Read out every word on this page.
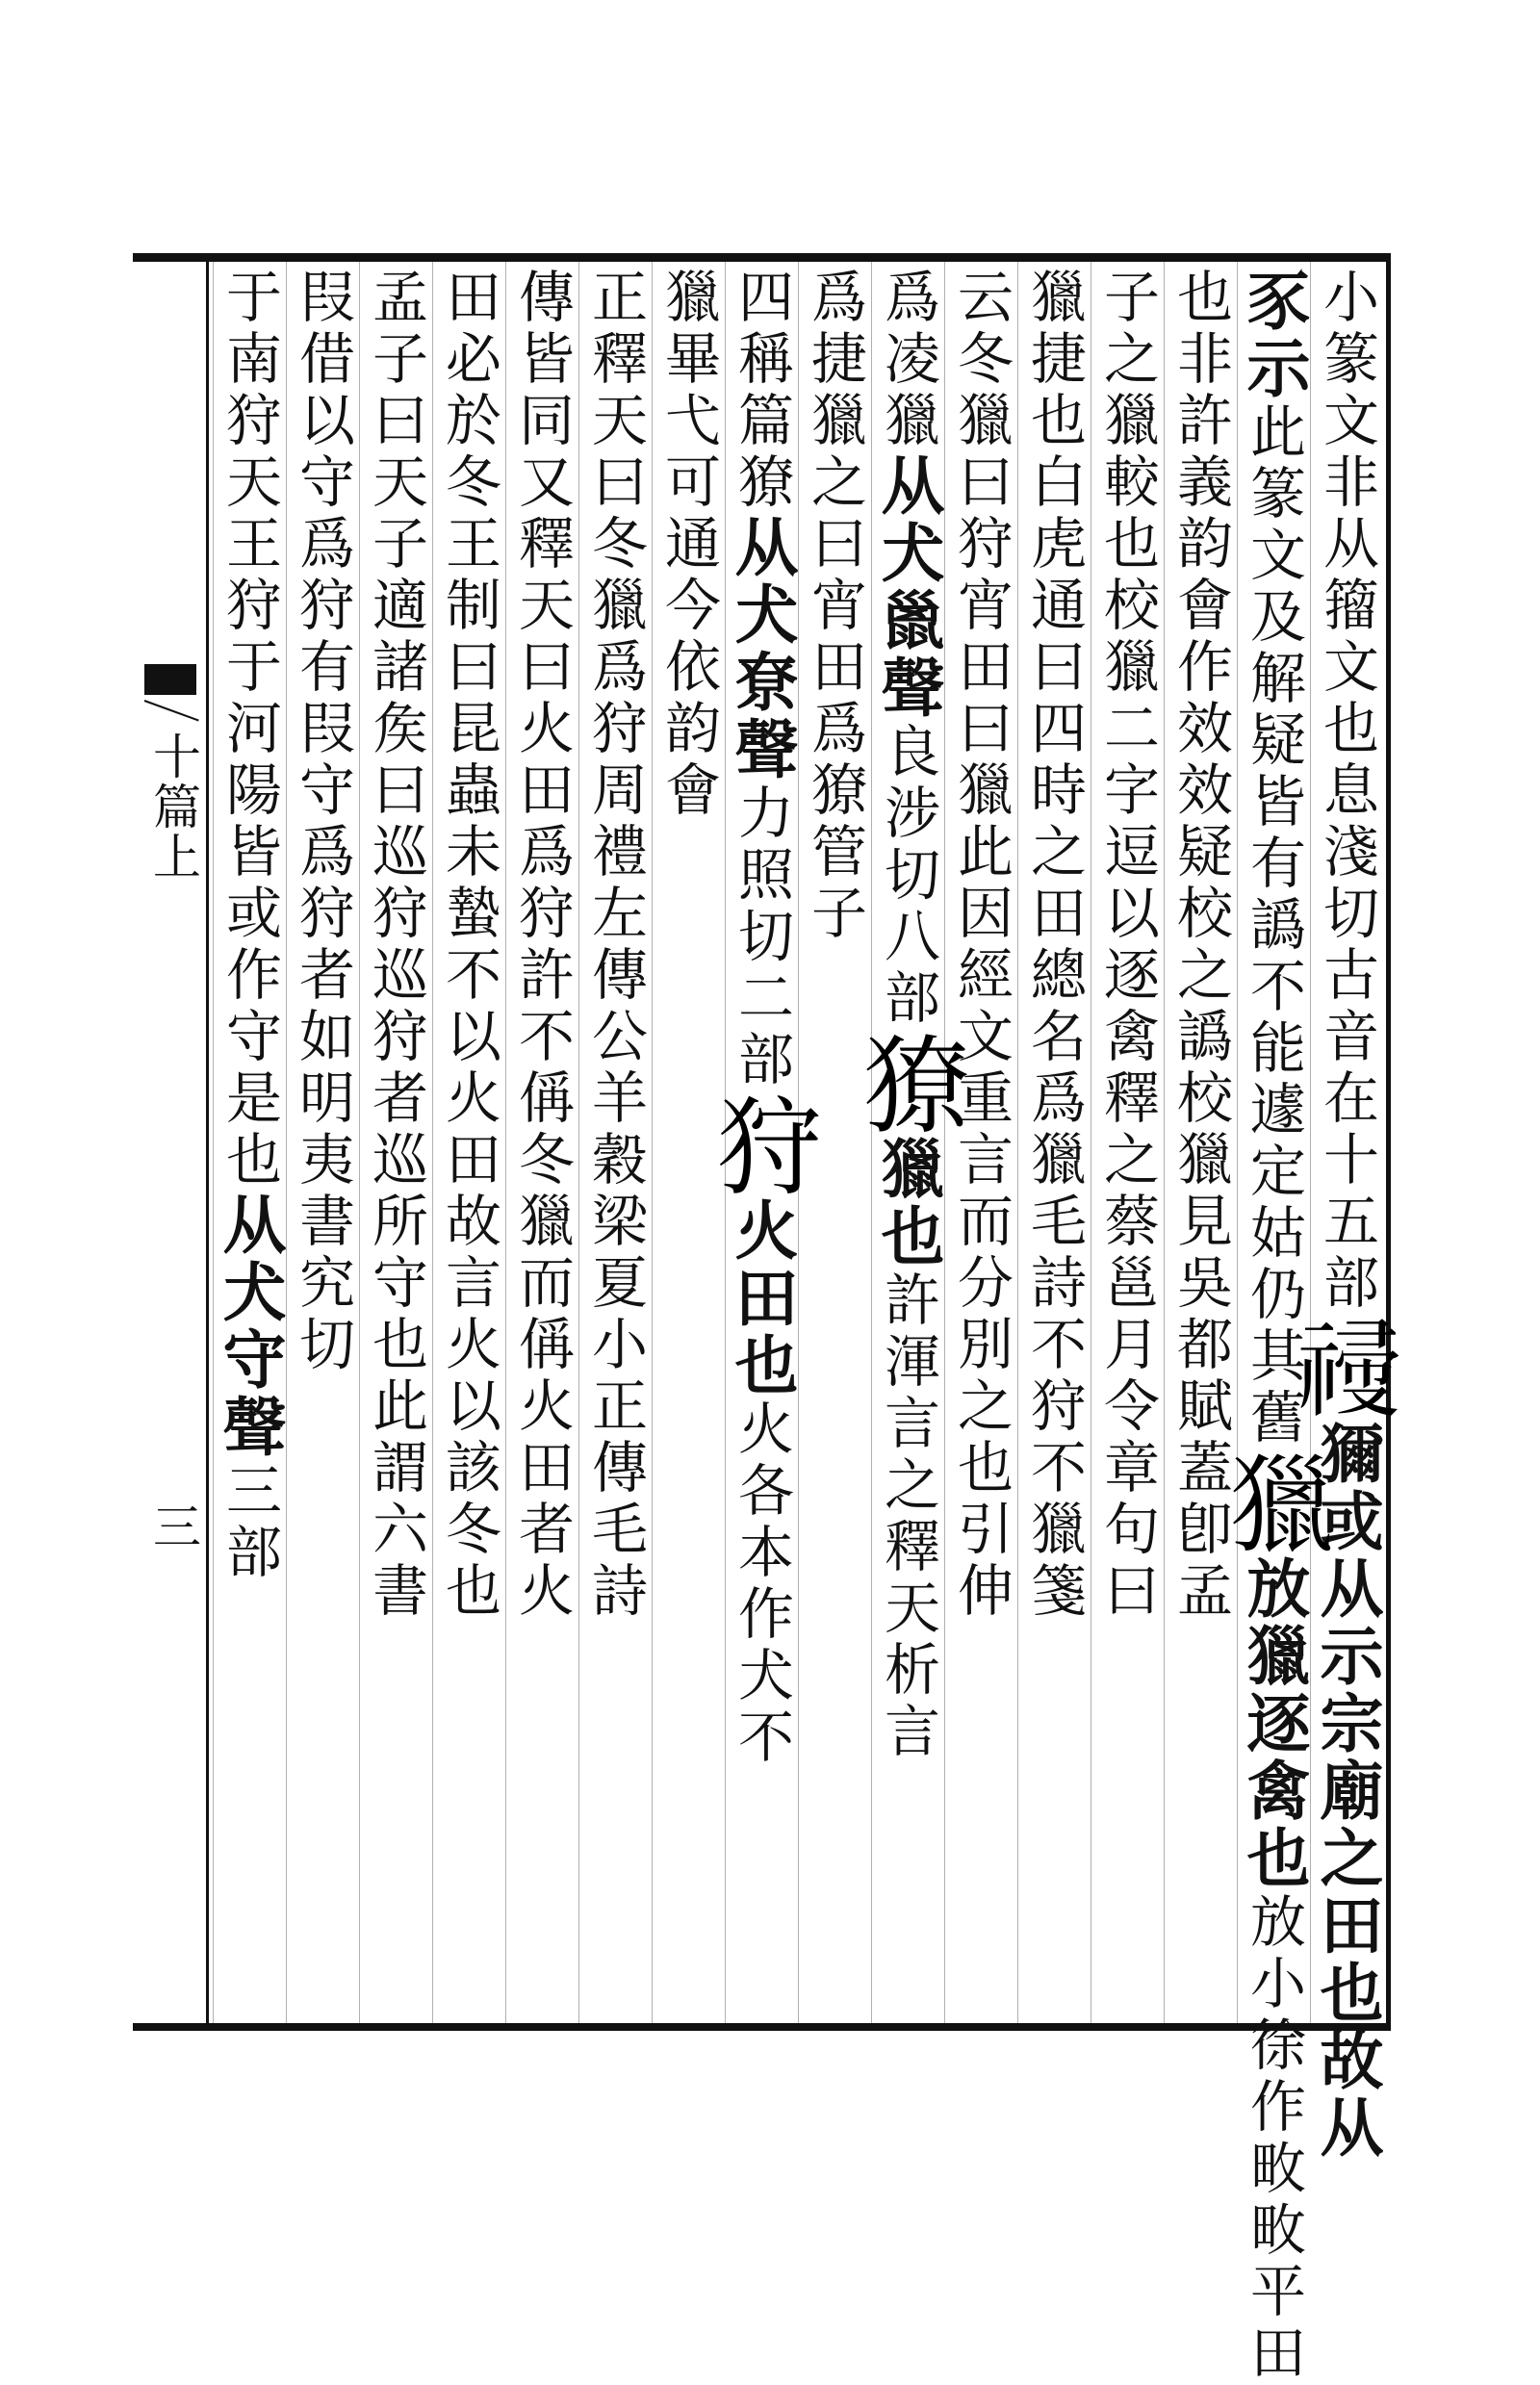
十篇上
三
小篆文非从籀文也息淺切古音在十五部𥛆獮或从示宗廟之田也故从
豕示此篆文及解疑皆有譌不能遽定姑仍其舊獵放獵逐禽也放小徐作畋畋平田
也非許義韵會作效效疑校之譌校獵見吳都賦蓋卽孟
子之獵較也校獵二字逗以逐禽釋之蔡邕月令章句曰
獵捷也白虎通曰四時之田總名爲獵毛詩不狩不獵箋
云冬獵曰狩宵田曰獵此因經文重言而分別之也引伸
爲凌獵从犬巤聲良涉切八部獠獵也許渾言之釋天析言
爲捷獵之曰宵田爲獠管子
四稱篇獠从犬尞聲力照切二部狩火田也火各本作犬不
獵畢弋可通今依韵會
正釋天曰冬獵爲狩周禮左傳公羊穀梁夏小正傳毛詩
傳皆同又釋天曰火田爲狩許不偁冬獵而偁火田者火
田必於冬王制曰昆蟲未蟄不以火田故言火以該冬也
孟子曰天子適諸矦曰巡狩巡狩者巡所守也此謂六書
叚借以守爲狩有叚守爲狩者如明夷書究切
于南狩天王狩于河陽皆或作守是也从犬守聲三部
